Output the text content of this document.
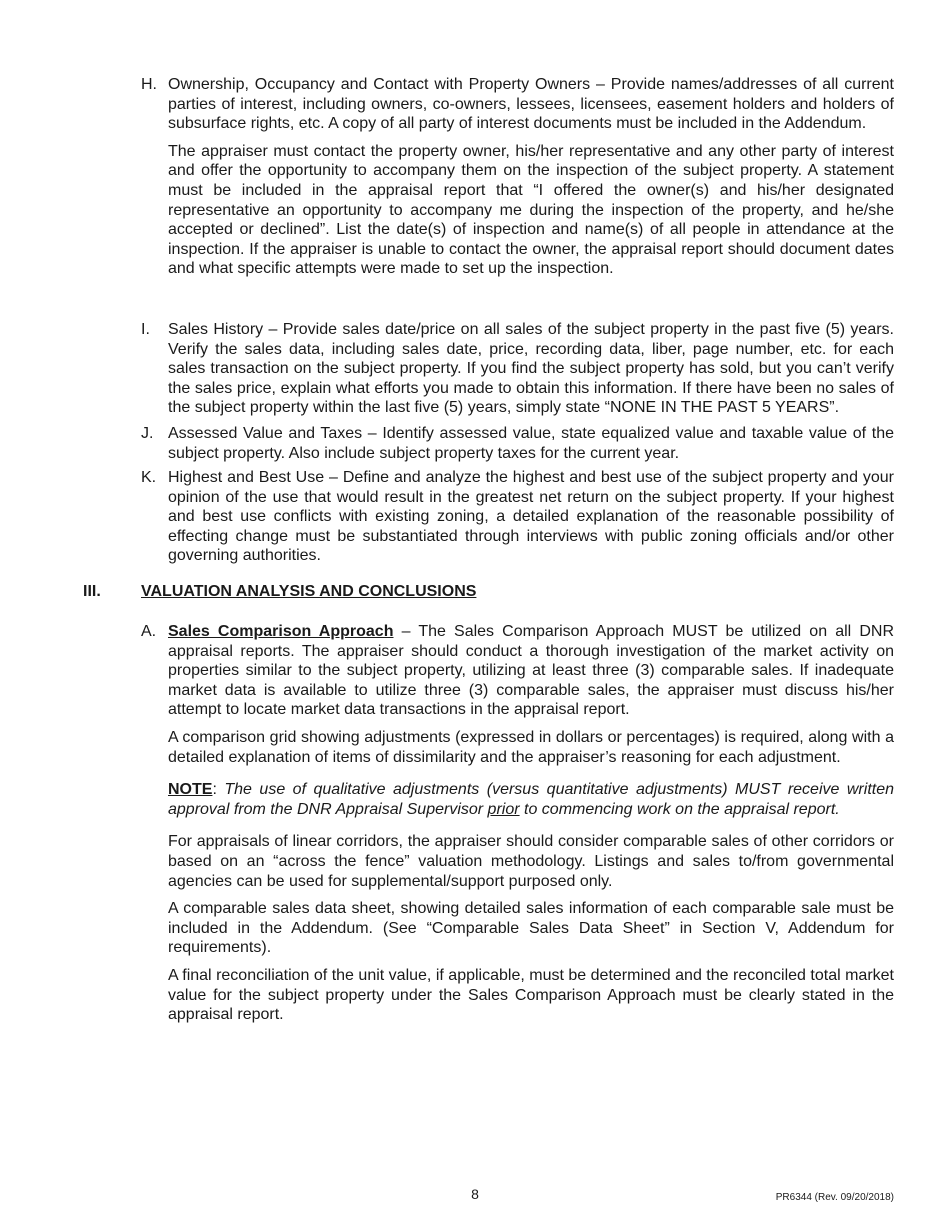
H. Ownership, Occupancy and Contact with Property Owners – Provide names/addresses of all current parties of interest, including owners, co-owners, lessees, licensees, easement holders and holders of subsurface rights, etc. A copy of all party of interest documents must be included in the Addendum.

The appraiser must contact the property owner, his/her representative and any other party of interest and offer the opportunity to accompany them on the inspection of the subject property. A statement must be included in the appraisal report that “I offered the owner(s) and his/her designated representative an opportunity to accompany me during the inspection of the property, and he/she accepted or declined”. List the date(s) of inspection and name(s) of all people in attendance at the inspection. If the appraiser is unable to contact the owner, the appraisal report should document dates and what specific attempts were made to set up the inspection.

I.	Sales History – Provide sales date/price on all sales of the subject property in the past five (5) years. Verify the sales data, including sales date, price, recording data, liber, page number, etc. for each sales transaction on the subject property. If you find the subject property has sold, but you can’t verify the sales price, explain what efforts you made to obtain this information. If there have been no sales of the subject property within the last five (5) years, simply state “NONE IN THE PAST 5 YEARS”.

J. Assessed Value and Taxes – Identify assessed value, state equalized value and taxable value of the subject property. Also include subject property taxes for the current year.

K. Highest and Best Use – Define and analyze the highest and best use of the subject property and your opinion of the use that would result in the greatest net return on the subject property. If your highest and best use conflicts with existing zoning, a detailed explanation of the reasonable possibility of effecting change must be substantiated through interviews with public zoning officials and/or other governing authorities.

III.	VALUATION ANALYSIS AND CONCLUSIONS
A. Sales Comparison Approach – The Sales Comparison Approach MUST be utilized on all DNR appraisal reports. The appraiser should conduct a thorough investigation of the market activity on properties similar to the subject property, utilizing at least three (3) comparable sales. If inadequate market data is available to utilize three (3) comparable sales, the appraiser must discuss his/her attempt to locate market data transactions in the appraisal report.

A comparison grid showing adjustments (expressed in dollars or percentages) is required, along with a detailed explanation of items of dissimilarity and the appraiser’s reasoning for each adjustment.

NOTE: The use of qualitative adjustments (versus quantitative adjustments) MUST receive written approval from the DNR Appraisal Supervisor prior to commencing work on the appraisal report.

For appraisals of linear corridors, the appraiser should consider comparable sales of other corridors or based on an “across the fence” valuation methodology. Listings and sales to/from governmental agencies can be used for supplemental/support purposed only.

A comparable sales data sheet, showing detailed sales information of each comparable sale must be included in the Addendum. (See “Comparable Sales Data Sheet” in Section V, Addendum for requirements).

A final reconciliation of the unit value, if applicable, must be determined and the reconciled total market value for the subject property under the Sales Comparison Approach must be clearly stated in the appraisal report.

8	PR6344 (Rev. 09/20/2018)
